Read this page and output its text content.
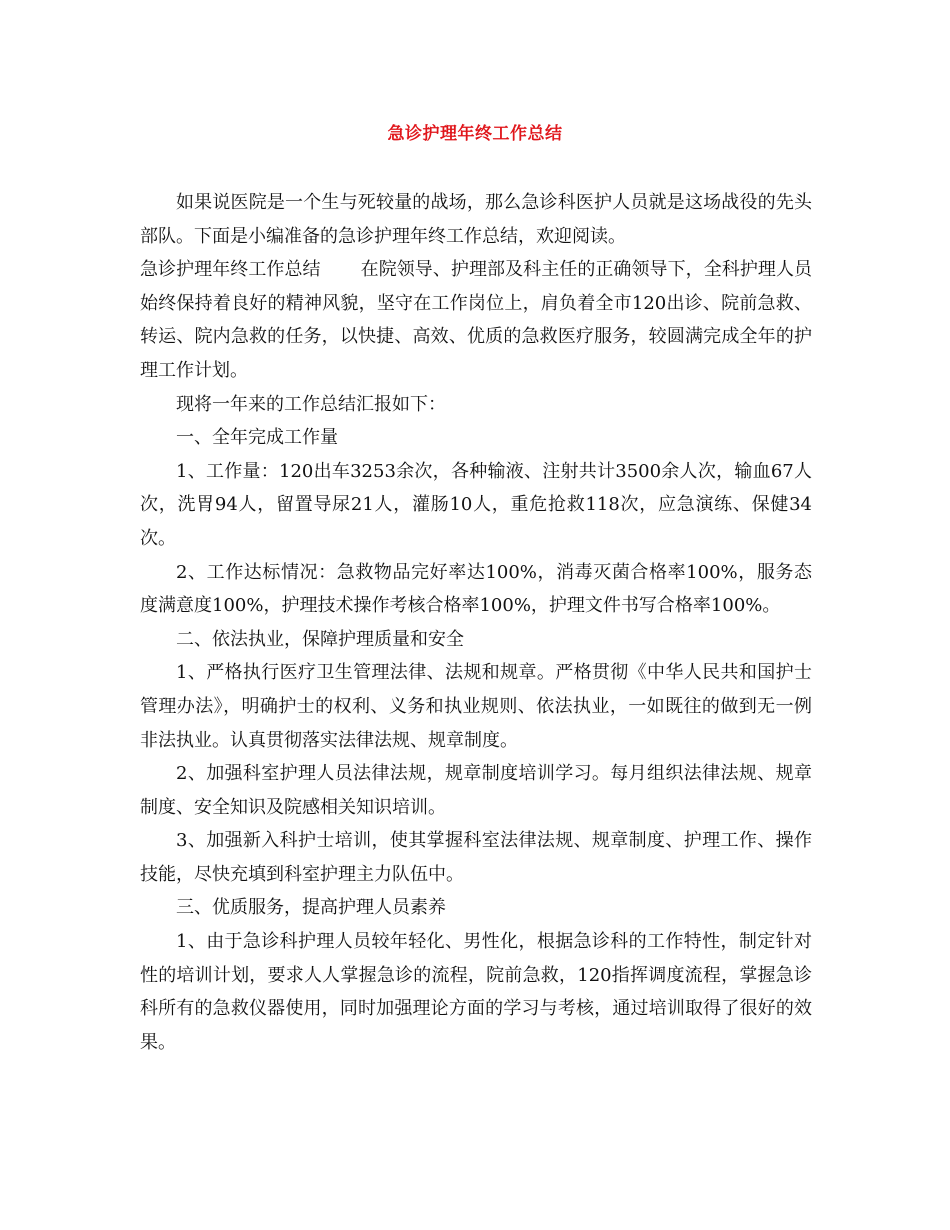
急诊护理年终工作总结

如果说医院是一个生与死较量的战场，那么急诊科医护人员就是这场战役的先头部队。下面是小编准备的急诊护理年终工作总结，欢迎阅读。

急诊护理年终工作总结 在院领导、护理部及科主任的正确领导下，全科护理人员始终保持着良好的精神风貌，坚守在工作岗位上，肩负着全市120出诊、院前急救、转运、院内急救的任务，以快捷、高效、优质的急救医疗服务，较圆满完成全年的护理工作计划。

现将一年来的工作总结汇报如下：

一、全年完成工作量

1、工作量：120出车3253余次，各种输液、注射共计3500余人次，输血67人次，洗胃94人，留置导尿21人，灌肠10人，重危抢救118次，应急演练、保健34次。

2、工作达标情况：急救物品完好率达100%，消毒灭菌合格率100%，服务态度满意度100%，护理技术操作考核合格率100%，护理文件书写合格率100%。

二、依法执业，保障护理质量和安全

1、严格执行医疗卫生管理法律、法规和规章。严格贯彻《中华人民共和国护士管理办法》，明确护士的权利、义务和执业规则、依法执业，一如既往的做到无一例非法执业。认真贯彻落实法律法规、规章制度。

2、加强科室护理人员法律法规，规章制度培训学习。每月组织法律法规、规章制度、安全知识及院感相关知识培训。

3、加强新入科护士培训，使其掌握科室法律法规、规章制度、护理工作、操作技能，尽快充填到科室护理主力队伍中。

三、优质服务，提高护理人员素养

1、由于急诊科护理人员较年轻化、男性化，根据急诊科的工作特性，制定针对性的培训计划，要求人人掌握急诊的流程，院前急救，120指挥调度流程，掌握急诊科所有的急救仪器使用，同时加强理论方面的学习与考核，通过培训取得了很好的效果。
